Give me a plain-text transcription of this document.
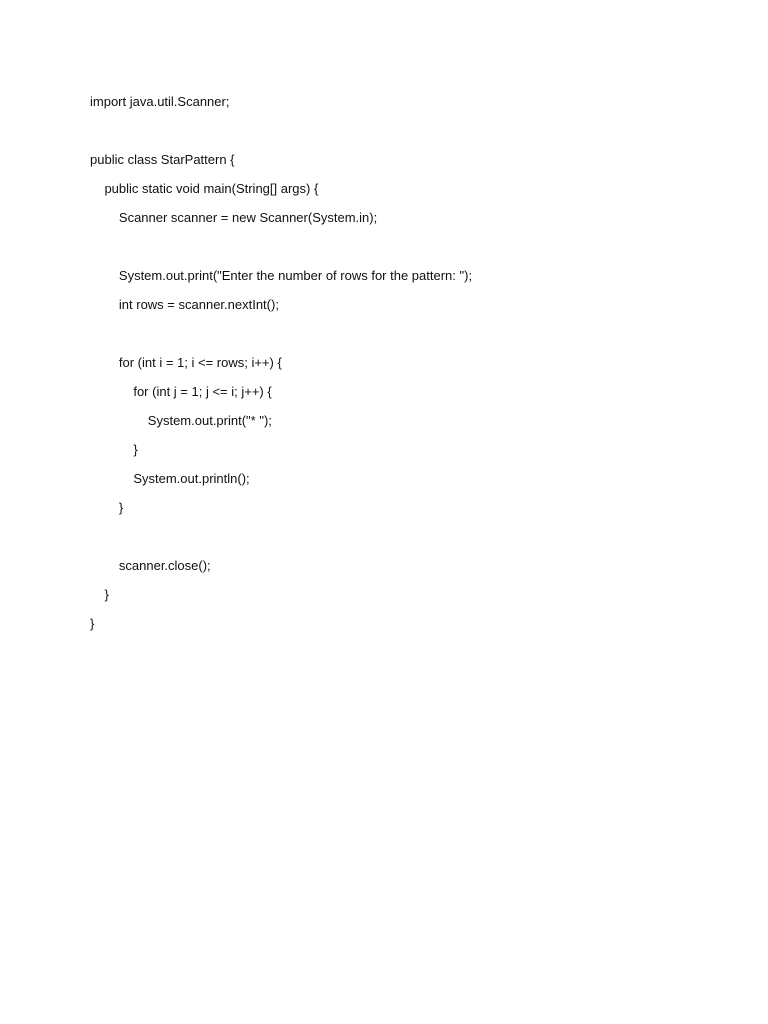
import java.util.Scanner;
public class StarPattern {
public static void main(String[] args) {
Scanner scanner = new Scanner(System.in);
System.out.print("Enter the number of rows for the pattern: ");
int rows = scanner.nextInt();
for (int i = 1; i <= rows; i++) {
for (int j = 1; j <= i; j++) {
System.out.print("* ");
}
System.out.println();
}
scanner.close();
}
}
